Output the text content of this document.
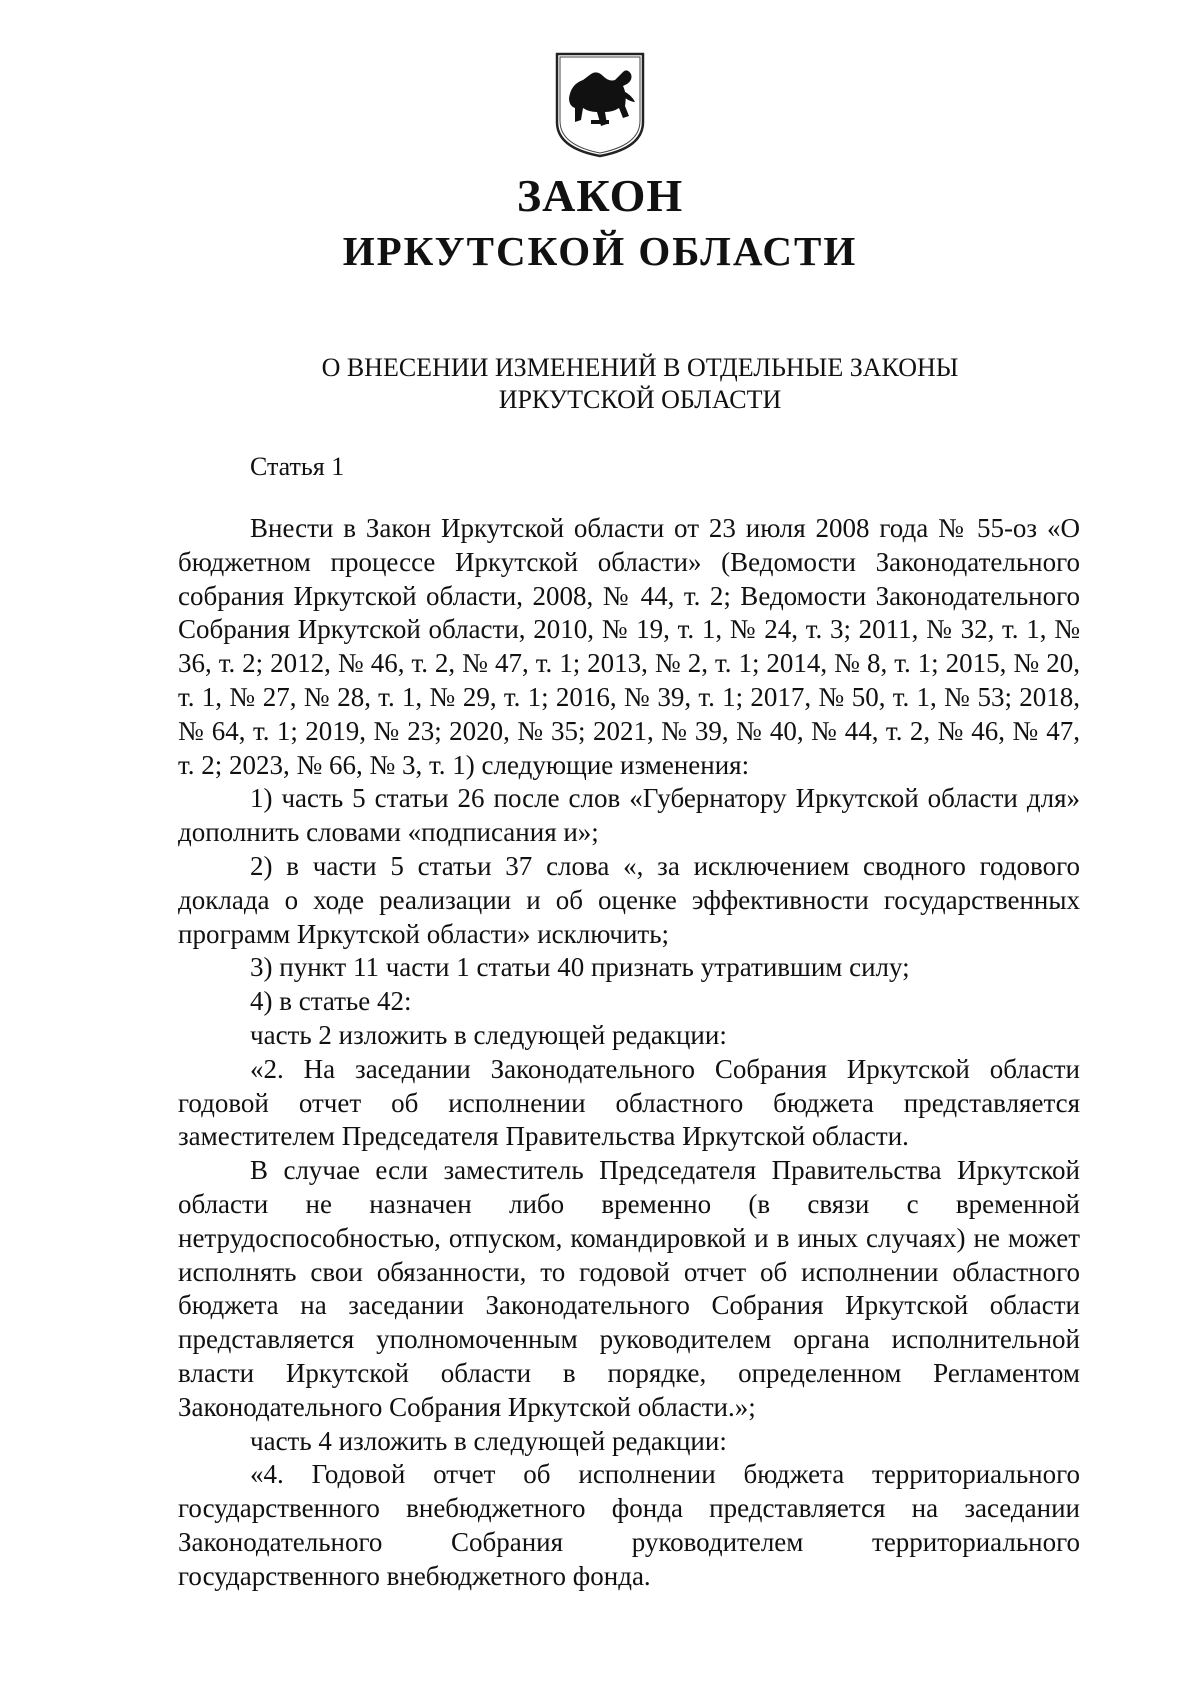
ЗАКОН
ИРКУТСКОЙ ОБЛАСТИ
О ВНЕСЕНИИ ИЗМЕНЕНИЙ В ОТДЕЛЬНЫЕ ЗАКОНЫ
ИРКУТСКОЙ ОБЛАСТИ
Статья 1

Внести в Закон Иркутской области от 23 июля 2008 года № 55-оз «О бюджетном процессе Иркутской области» (Ведомости Законодательного собрания Иркутской области, 2008, № 44, т. 2; Ведомости Законодательного Собрания Иркутской области, 2010, № 19, т. 1, № 24, т. 3; 2011, № 32, т. 1, № 36, т. 2; 2012, № 46, т. 2, № 47, т. 1; 2013, № 2, т. 1; 2014, № 8, т. 1; 2015, № 20, т. 1, № 27, № 28, т. 1, № 29, т. 1; 2016, № 39, т. 1; 2017, № 50, т. 1, № 53; 2018, № 64, т. 1; 2019, № 23; 2020, № 35; 2021, № 39, № 40, № 44, т. 2, № 46, № 47, т. 2; 2023, № 66, № 3, т. 1) следующие изменения:

1) часть 5 статьи 26 после слов «Губернатору Иркутской области для» дополнить словами «подписания и»;

2) в части 5 статьи 37 слова «, за исключением сводного годового доклада о ходе реализации и об оценке эффективности государственных программ Иркутской области» исключить;

3) пункт 11 части 1 статьи 40 признать утратившим силу;

4) в статье 42:

часть 2 изложить в следующей редакции:

«2. На заседании Законодательного Собрания Иркутской области годовой отчет об исполнении областного бюджета представляется заместителем Председателя Правительства Иркутской области.

В случае если заместитель Председателя Правительства Иркутской области не назначен либо временно (в связи с временной нетрудоспособностью, отпуском, командировкой и в иных случаях) не может исполнять свои обязанности, то годовой отчет об исполнении областного бюджета на заседании Законодательного Собрания Иркутской области представляется уполномоченным руководителем органа исполнительной власти Иркутской области в порядке, определенном Регламентом Законодательного Собрания Иркутской области.»;

часть 4 изложить в следующей редакции:

«4. Годовой отчет об исполнении бюджета территориального государственного внебюджетного фонда представляется на заседании Законодательного Собрания руководителем территориального государственного внебюджетного фонда.
